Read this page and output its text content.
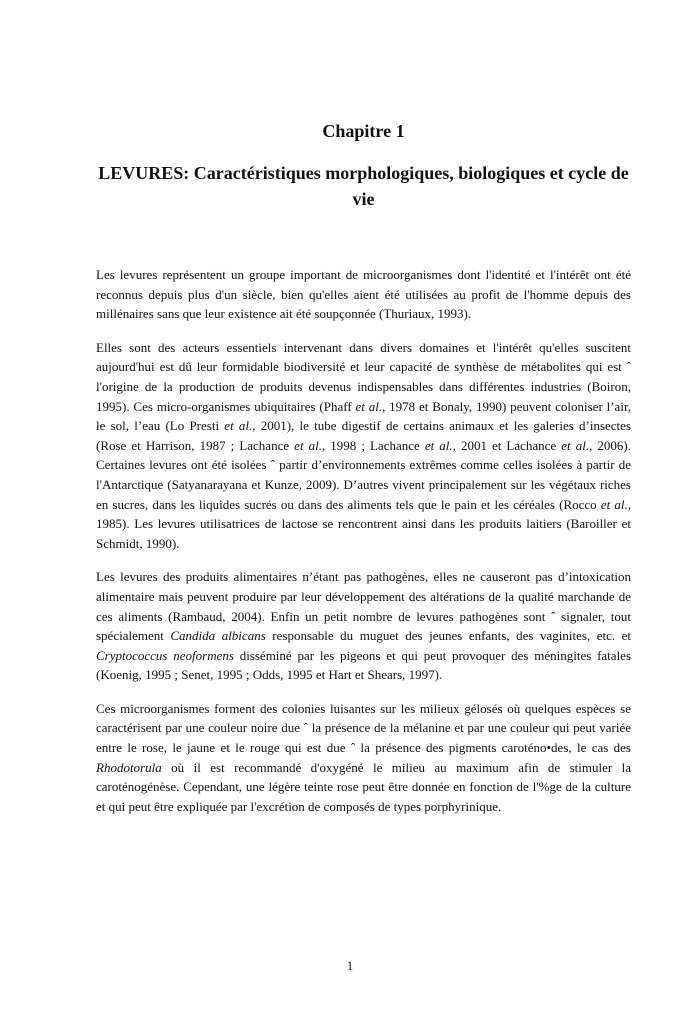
Chapitre 1
LEVURES: Caractéristiques morphologiques, biologiques et cycle de vie

Les levures représentent un groupe important de microorganismes dont l'identité et l'intérêt ont été reconnus depuis plus d'un siècle, bien qu'elles aient été utilisées au profit de l'homme depuis des millénaires sans que leur existence ait été soupçonnée (Thuriaux, 1993).

Elles sont des acteurs essentiels intervenant dans divers domaines et l'intérêt qu'elles suscitent aujourd'hui est dû leur formidable biodiversité et leur capacité de synthèse de métabolites qui est ˆ l'origine de la production de produits devenus indispensables dans différentes industries (Boiron, 1995). Ces micro-organismes ubiquitaires (Phaff et al., 1978 et Bonaly, 1990) peuvent coloniser l’air, le sol, l’eau (Lo Presti et al., 2001), le tube digestif de certains animaux et les galeries d’insectes (Rose et Harrison, 1987 ; Lachance et al., 1998 ; Lachance et al., 2001 et Lachance et al., 2006). Certaines levures ont été isolées ˆ partir d’environnements extrêmes comme celles isolées à partir de l'Antarctique (Satyanarayana et Kunze, 2009). D’autres vivent principalement sur les végétaux riches en sucres, dans les liquides sucrés ou dans des aliments tels que le pain et les céréales (Rocco et al., 1985). Les levures utilisatrices de lactose se rencontrent ainsi dans les produits laitiers (Baroiller et Schmidt, 1990).

Les levures des produits alimentaires n’étant pas pathogènes, elles ne causeront pas d’intoxication alimentaire mais peuvent produire par leur développement des altérations de la qualité marchande de ces aliments (Rambaud, 2004). Enfin un petit nombre de levures pathogènes sont ˆ signaler, tout spécialement Candida albicans responsable du muguet des jeunes enfants, des vaginites, etc. et Cryptococcus neoformens disséminé par les pigeons et qui peut provoquer des méningites fatales (Koenig, 1995 ; Senet, 1995 ; Odds, 1995 et Hart et Shears, 1997).

Ces microorganismes forment des colonies luisantes sur les milieux gélosés où quelques espèces se caractérisent par une couleur noire due ˆ la présence de la mélanine et par une couleur qui peut variée entre le rose, le jaune et le rouge qui est due ˆ la présence des pigments caroténo•des, le cas des Rhodotorula où il est recommandé d'oxygéné le milieu au maximum afin de stimuler la caroténogénèse. Cependant, une légère teinte rose peut être donnée en fonction de l'%ge de la culture et qui peut être expliquée par l'excrétion de composés de types porphyrinique.

1
